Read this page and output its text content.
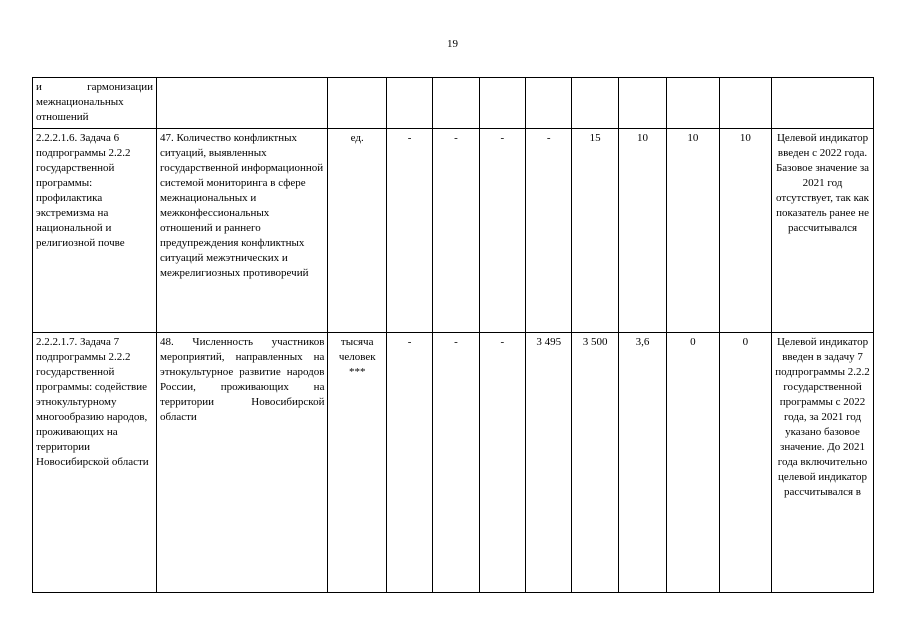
19
и гармонизации межнациональных отношений											
2.2.2.1.6. Задача 6 подпрограммы 2.2.2 государственной программы: профилактика экстремизма на национальной и религиозной почве	47. Количество конфликтных ситуаций, выявленных государственной информационной системой мониторинга в сфере межнациональных и межконфессиональных отношений и раннего предупреждения конфликтных ситуаций межэтнических и межрелигиозных противоречий	ед.	-	-	-	-	15	10	10	10	Целевой индикатор введен с 2022 года. Базовое значение за 2021 год отсутствует, так как показатель ранее не рассчитывался
2.2.2.1.7. Задача 7 подпрограммы 2.2.2 государственной программы: содействие этнокультурному многообразию народов, проживающих на территории Новосибирской области	48. Численность участников мероприятий, направленных на этнокультурное развитие народов России, проживающих на территории Новосибирской области	тысяча человек ***	-	-	-	3 495	3 500	3,6	0	0	Целевой индикатор введен в задачу 7 подпрограммы 2.2.2 государственной программы с 2022 года, за 2021 год указано базовое значение. До 2021 года включительно целевой индикатор рассчитывался в
